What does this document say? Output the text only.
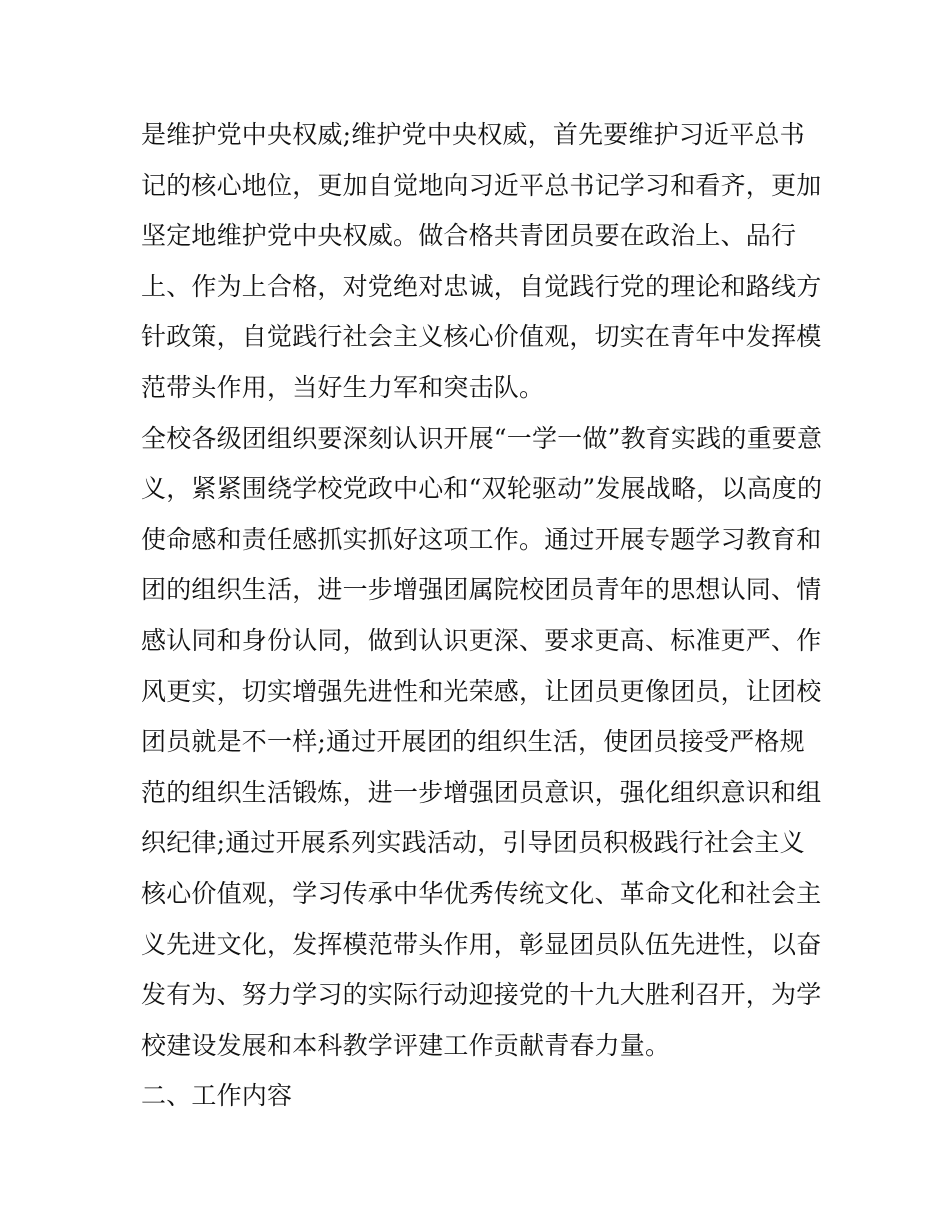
是维护党中央权威;维护党中央权威，首先要维护习近平总书
记的核心地位，更加自觉地向习近平总书记学习和看齐，更加
坚定地维护党中央权威。做合格共青团员要在政治上、品行
上、作为上合格，对党绝对忠诚，自觉践行党的理论和路线方
针政策，自觉践行社会主义核心价值观，切实在青年中发挥模
范带头作用，当好生力军和突击队。
全校各级团组织要深刻认识开展“一学一做”教育实践的重要意
义，紧紧围绕学校党政中心和“双轮驱动”发展战略，以高度的
使命感和责任感抓实抓好这项工作。通过开展专题学习教育和
团的组织生活，进一步增强团属院校团员青年的思想认同、情
感认同和身份认同，做到认识更深、要求更高、标准更严、作
风更实，切实增强先进性和光荣感，让团员更像团员，让团校
团员就是不一样;通过开展团的组织生活，使团员接受严格规
范的组织生活锻炼，进一步增强团员意识，强化组织意识和组
织纪律;通过开展系列实践活动，引导团员积极践行社会主义
核心价值观，学习传承中华优秀传统文化、革命文化和社会主
义先进文化，发挥模范带头作用，彰显团员队伍先进性，以奋
发有为、努力学习的实际行动迎接党的十九大胜利召开，为学
校建设发展和本科教学评建工作贡献青春力量。
二、工作内容
